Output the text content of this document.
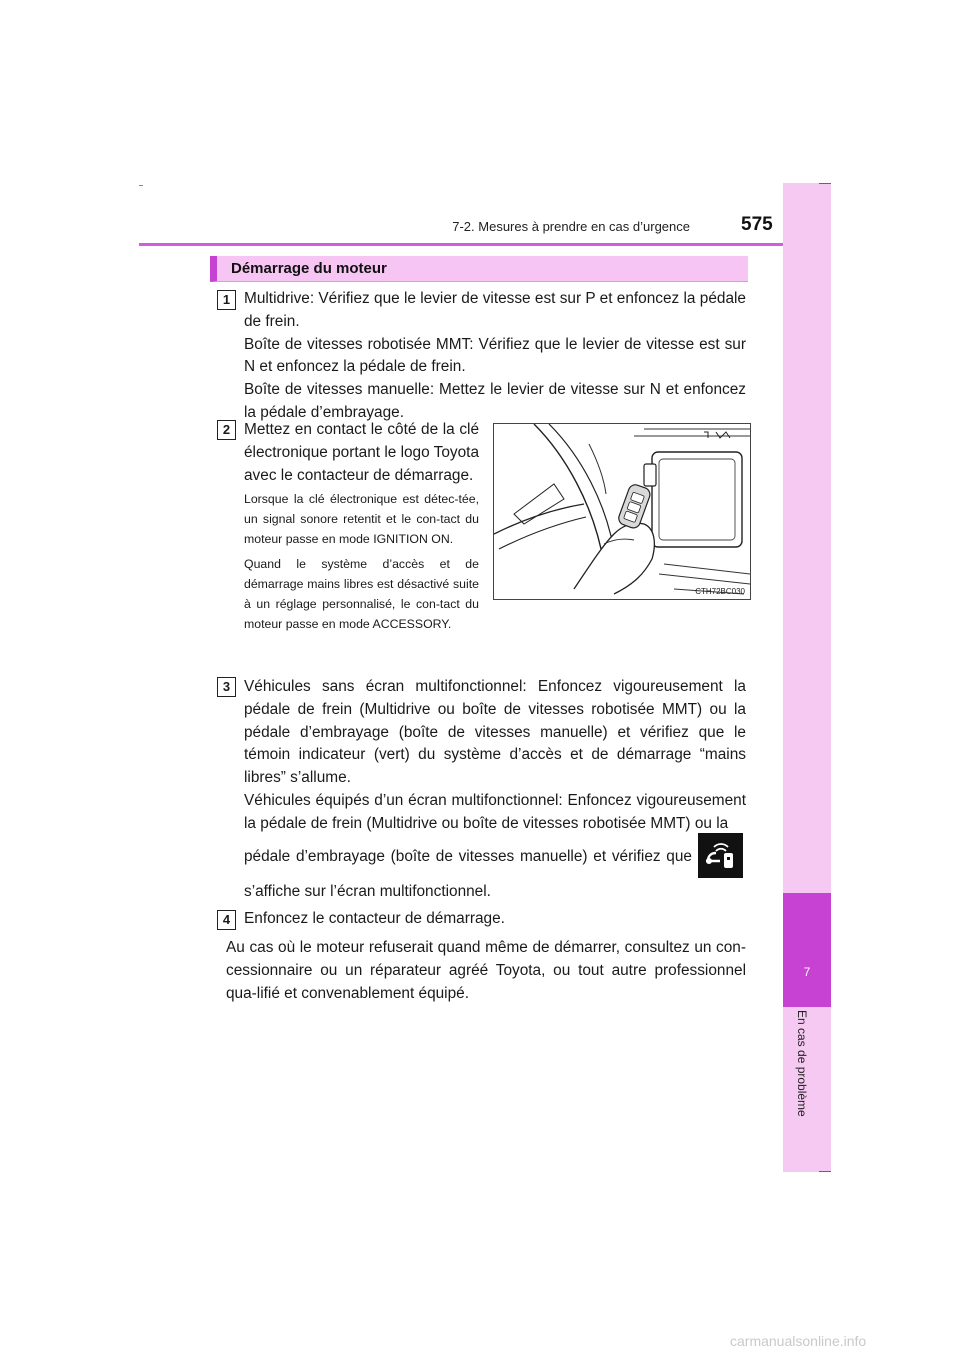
7-2. Mesures à prendre en cas d’urgence	575
7
En cas de problème
Démarrage du moteur
1 Multidrive: Vérifiez que le levier de vitesse est sur P et enfoncez la pédale de frein.

Boîte de vitesses robotisée MMT: Vérifiez que le levier de vitesse est sur N et enfoncez la pédale de frein.

Boîte de vitesses manuelle: Mettez le levier de vitesse sur N et enfoncez la pédale d’embrayage.

2 Mettez en contact le côté de la clé électronique portant le logo Toyota avec le contacteur de démarrage.

Lorsque la clé électronique est détec-tée, un signal sonore retentit et le con-tact du moteur passe en mode IGNITION ON.

Quand le système d’accès et de démarrage mains libres est désactivé suite à un réglage personnalisé, le con-tact du moteur passe en mode ACCESSORY.

CTH72BC030
3 Véhicules sans écran multifonctionnel: Enfoncez vigoureusement la pédale de frein (Multidrive ou boîte de vitesses robotisée MMT) ou la pédale d’embrayage (boîte de vitesses manuelle) et vérifiez que le témoin indicateur (vert) du système d’accès et de démarrage “mains libres” s’allume.
Véhicules équipés d’un écran multifonctionnel: Enfoncez vigoureusement la pédale de frein (Multidrive ou boîte de vitesses robotisée MMT) ou la
pédale d’embrayage (boîte de vitesses manuelle) et vérifiez que
s’affiche sur l’écran multifonctionnel.
4 Enfoncez le contacteur de démarrage.
Au cas où le moteur refuserait quand même de démarrer, consultez un con-cessionnaire ou un réparateur agréé Toyota, ou tout autre professionnel qua-lifié et convenablement équipé.
carmanualsonline.info
